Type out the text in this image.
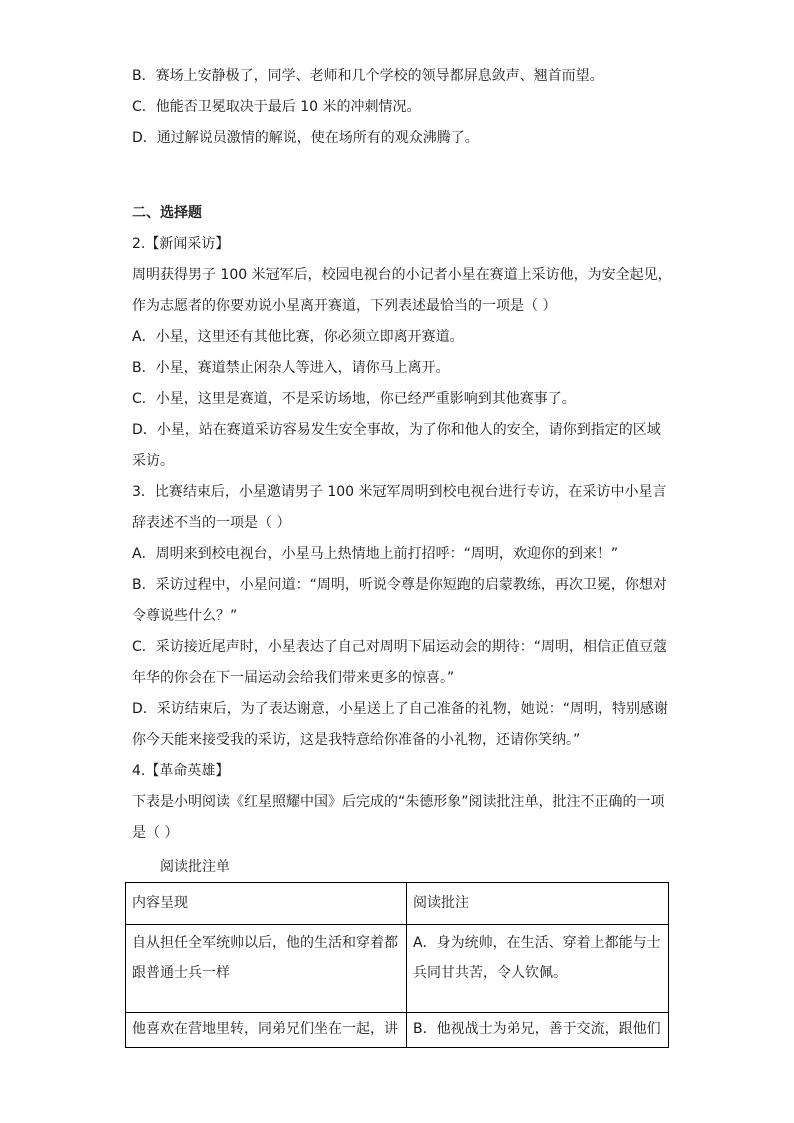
B．赛场上安静极了，同学、老师和几个学校的领导都屏息敛声、翘首而望。
C．他能否卫冕取决于最后 10 米的冲刺情况。
D．通过解说员激情的解说，使在场所有的观众沸腾了。
二、选择题
2.【新闻采访】
周明获得男子 100 米冠军后，校园电视台的小记者小星在赛道上采访他，为安全起见，
作为志愿者的你要劝说小星离开赛道，下列表述最恰当的一项是（ ）
A．小星，这里还有其他比赛，你必须立即离开赛道。
B．小星，赛道禁止闲杂人等进入，请你马上离开。
C．小星，这里是赛道，不是采访场地，你已经严重影响到其他赛事了。
D．小星，站在赛道采访容易发生安全事故，为了你和他人的安全，请你到指定的区域
采访。
3．比赛结束后，小星邀请男子 100 米冠军周明到校电视台进行专访，在采访中小星言
辞表述不当的一项是（ ）
A．周明来到校电视台，小星马上热情地上前打招呼：“周明，欢迎你的到来！”
B．采访过程中，小星问道：“周明，听说令尊是你短跑的启蒙教练，再次卫冕，你想对
令尊说些什么？”
C．采访接近尾声时，小星表达了自己对周明下届运动会的期待：“周明，相信正值豆蔻
年华的你会在下一届运动会给我们带来更多的惊喜。”
D．采访结束后，为了表达谢意，小星送上了自己准备的礼物，她说：“周明，特别感谢
你今天能来接受我的采访，这是我特意给你准备的小礼物，还请你笑纳。”
4.【革命英雄】
下表是小明阅读《红星照耀中国》后完成的“朱德形象”阅读批注单，批注不正确的一项
是（ ）
阅读批注单
内容呈现	阅读批注
自从担任全军统帅以后，他的生活和穿着都
跟普通士兵一样	A．身为统帅，在生活、穿着上都能与士
兵同甘共苦，令人钦佩。
他喜欢在营地里转，同弟兄们坐在一起，讲	B．他视战士为弟兄，善于交流，跟他们
